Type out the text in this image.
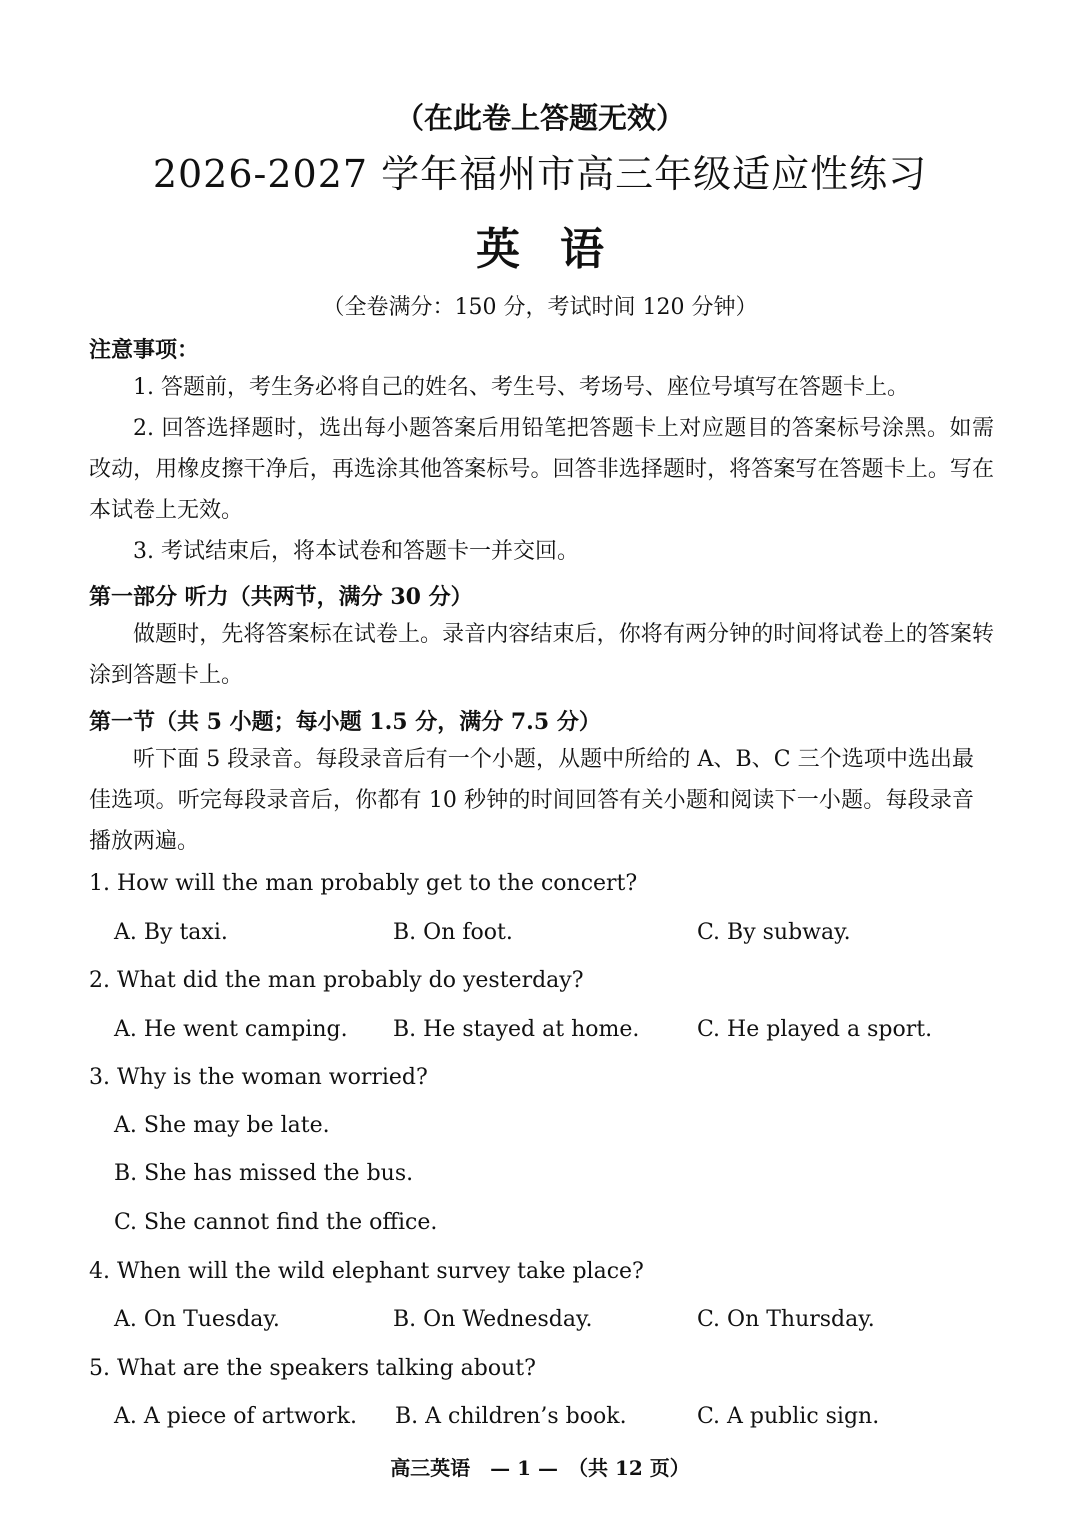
（在此卷上答题无效）
2026-2027 学年福州市高三年级适应性练习
英语
（全卷满分：150 分，考试时间 120 分钟）
注意事项：
1. 答题前，考生务必将自己的姓名、考生号、考场号、座位号填写在答题卡上。
2. 回答选择题时，选出每小题答案后用铅笔把答题卡上对应题目的答案标号涂黑。如需改动，用橡皮擦干净后，再选涂其他答案标号。回答非选择题时，将答案写在答题卡上。写在本试卷上无效。
3. 考试结束后，将本试卷和答题卡一并交回。
第一部分 听力（共两节，满分 30 分）
做题时，先将答案标在试卷上。录音内容结束后，你将有两分钟的时间将试卷上的答案转涂到答题卡上。
第一节（共 5 小题；每小题 1.5 分，满分 7.5 分）
听下面 5 段录音。每段录音后有一个小题，从题中所给的 A、B、C 三个选项中选出最佳选项。听完每段录音后，你都有 10 秒钟的时间回答有关小题和阅读下一小题。每段录音播放两遍。
1. How will the man probably get to the concert?
A. By taxi.	B. On foot.	C. By subway.
2. What did the man probably do yesterday?
A. He went camping. B. He stayed at home.	C. He played a sport.
3. Why is the woman worried?
A. She may be late.
B. She has missed the bus.
C. She cannot find the office.
4. When will the wild elephant survey take place?
A. On Tuesday.	B. On Wednesday.	C. On Thursday.
5. What are the speakers talking about?
A. A piece of artwork. B. A children’s book.	C. A public sign.
高三英语　— 1 —　（共 12 页）
